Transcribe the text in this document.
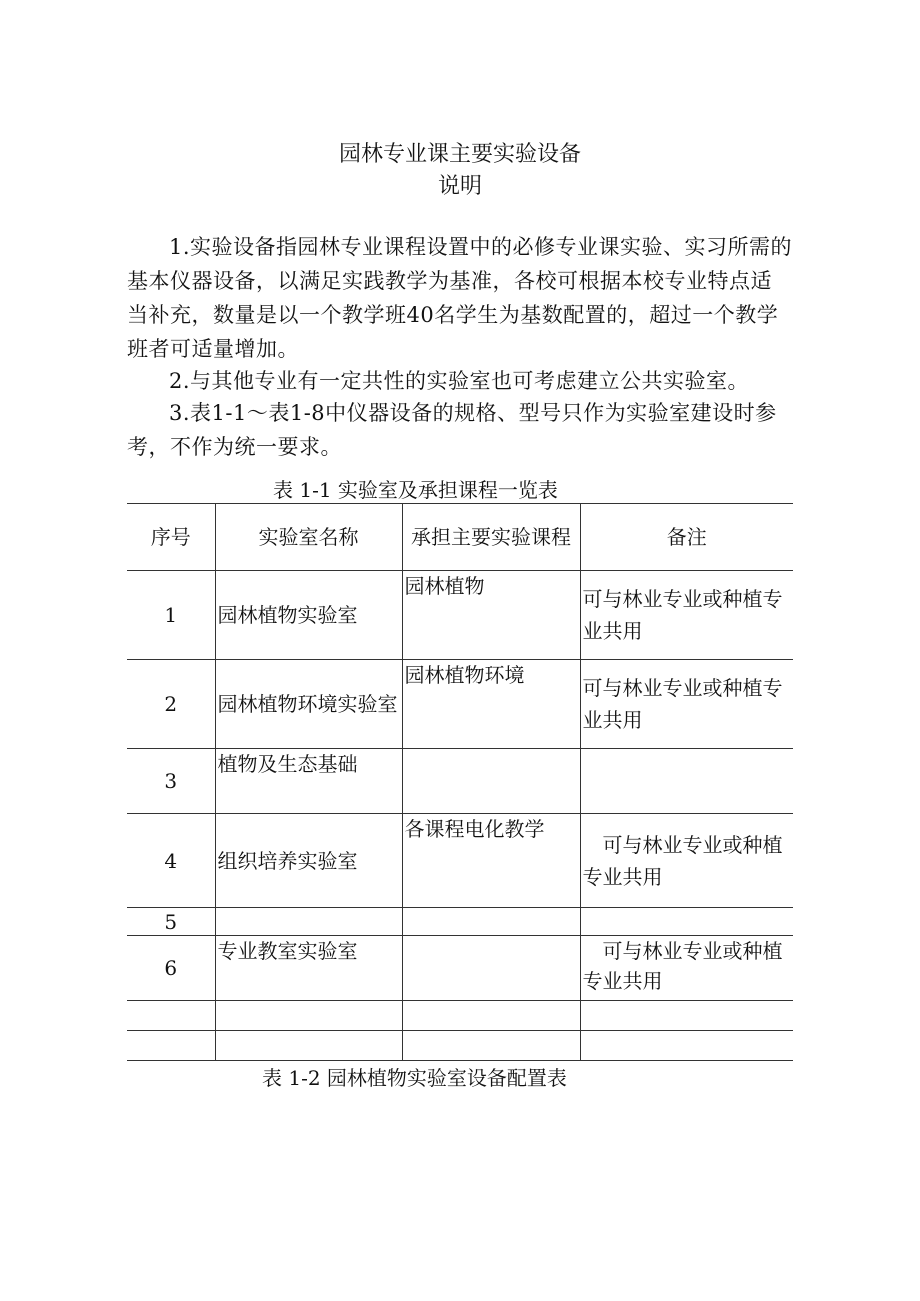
园林专业课主要实验设备
说明
1.实验设备指园林专业课程设置中的必修专业课实验、实习所需的基本仪器设备，以满足实践教学为基准，各校可根据本校专业特点适当补充，数量是以一个教学班40名学生为基数配置的，超过一个教学班者可适量增加。
2.与其他专业有一定共性的实验室也可考虑建立公共实验室。
3.表1-1～表1-8中仪器设备的规格、型号只作为实验室建设时参考，不作为统一要求。
表 1-1 实验室及承担课程一览表
序号	实验室名称	承担主要实验课程	备注
1	园林植物实验室	园林植物	可与林业专业或种植专业共用
2	园林植物环境实验室	园林植物环境	可与林业专业或种植专业共用
3	植物及生态基础		
4	组织培养实验室	各课程电化教学	可与林业专业或种植专业共用
5			
6	专业教室实验室		可与林业专业或种植专业共用

表 1-2 园林植物实验室设备配置表
